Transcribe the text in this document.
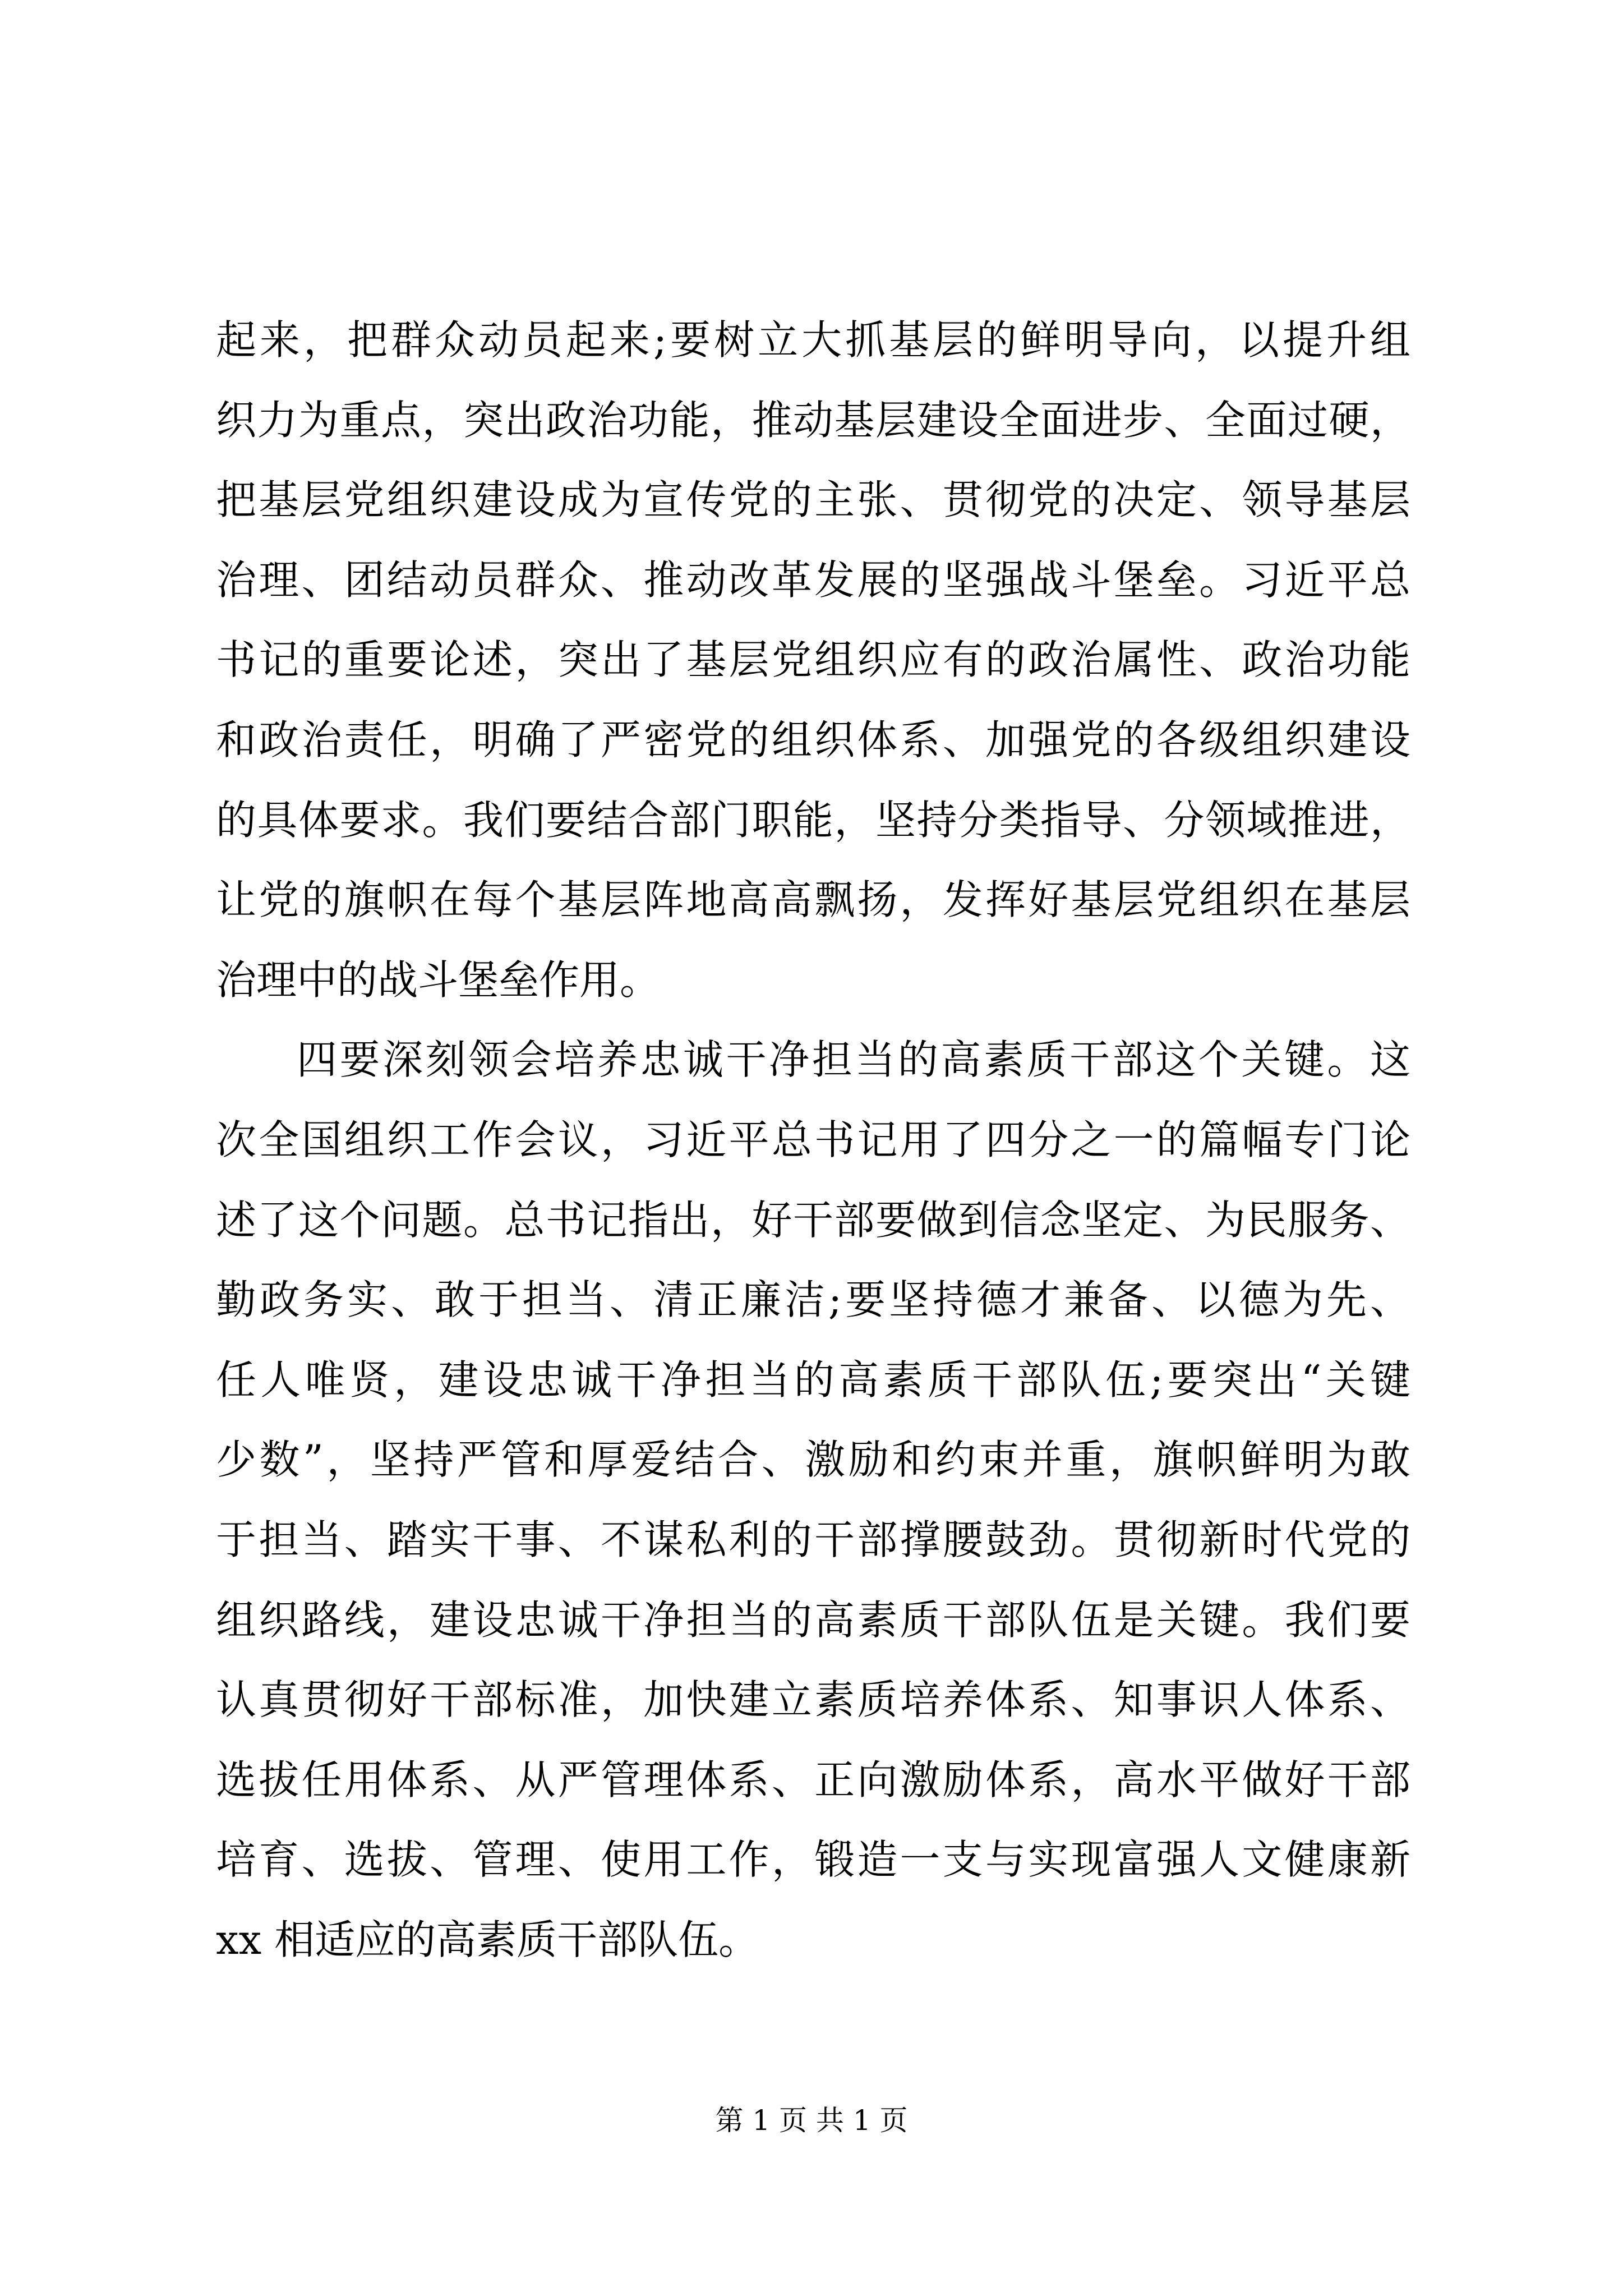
起来，把群众动员起来;要树立大抓基层的鲜明导向，以提升组
织力为重点，突出政治功能，推动基层建设全面进步、全面过硬，
把基层党组织建设成为宣传党的主张、贯彻党的决定、领导基层
治理、团结动员群众、推动改革发展的坚强战斗堡垒。习近平总
书记的重要论述，突出了基层党组织应有的政治属性、政治功能
和政治责任，明确了严密党的组织体系、加强党的各级组织建设
的具体要求。我们要结合部门职能，坚持分类指导、分领域推进，
让党的旗帜在每个基层阵地高高飘扬，发挥好基层党组织在基层
治理中的战斗堡垒作用。
四要深刻领会培养忠诚干净担当的高素质干部这个关键。这
次全国组织工作会议，习近平总书记用了四分之一的篇幅专门论
述了这个问题。总书记指出，好干部要做到信念坚定、为民服务、
勤政务实、敢于担当、清正廉洁;要坚持德才兼备、以德为先、
任人唯贤，建设忠诚干净担当的高素质干部队伍;要突出“关键
少数”，坚持严管和厚爱结合、激励和约束并重，旗帜鲜明为敢
于担当、踏实干事、不谋私利的干部撑腰鼓劲。贯彻新时代党的
组织路线，建设忠诚干净担当的高素质干部队伍是关键。我们要
认真贯彻好干部标准，加快建立素质培养体系、知事识人体系、
选拔任用体系、从严管理体系、正向激励体系，高水平做好干部
培育、选拔、管理、使用工作，锻造一支与实现富强人文健康新
xx 相适应的高素质干部队伍。
第 1 页 共 1 页
